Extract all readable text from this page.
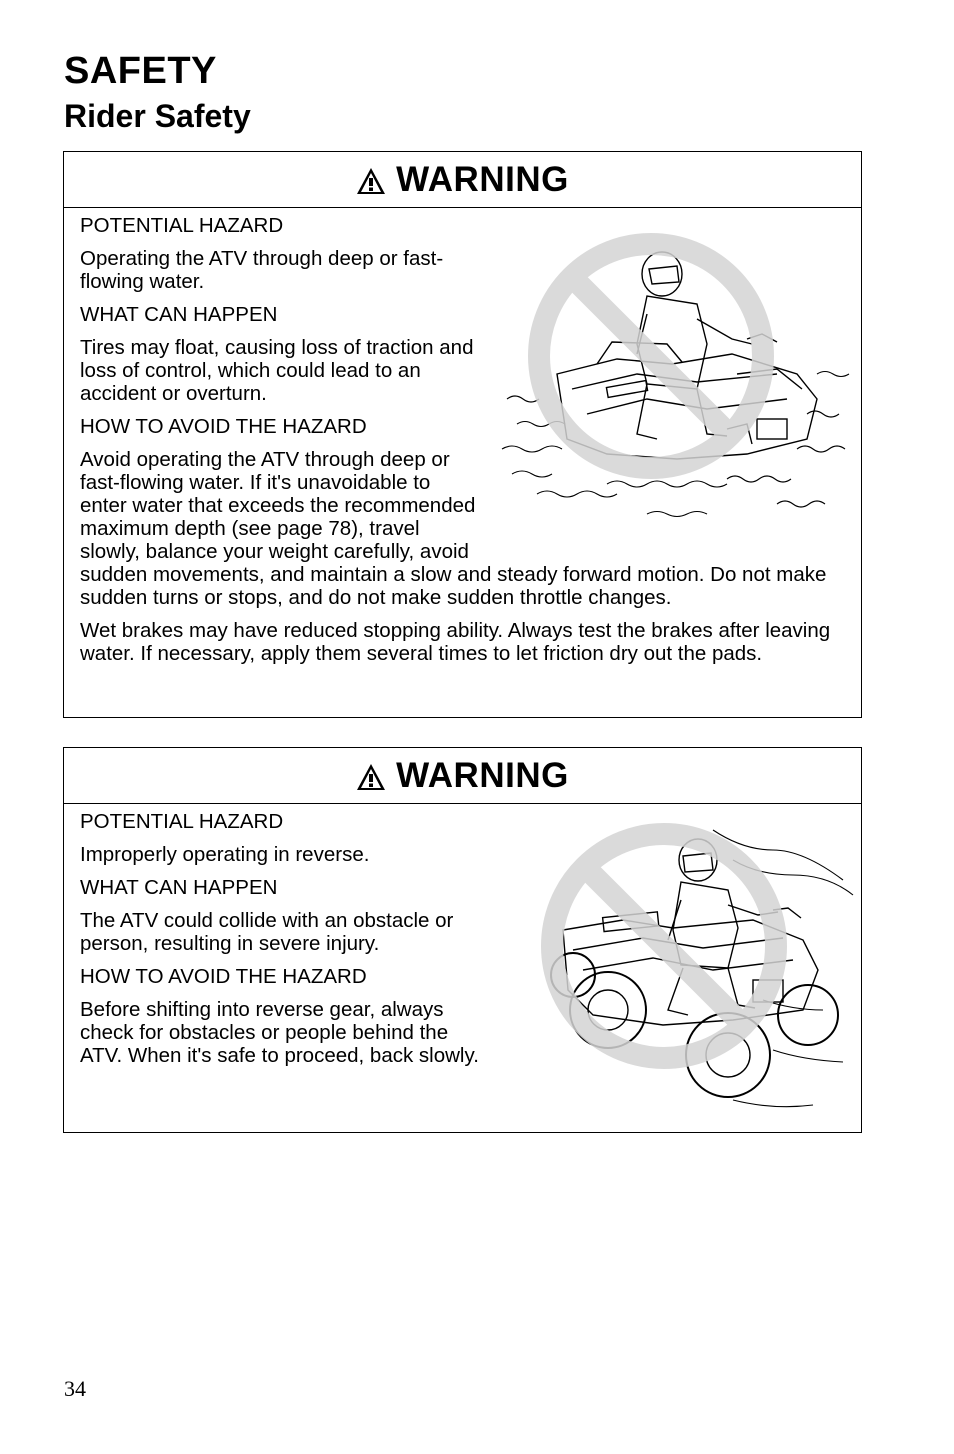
SAFETY
Rider Safety
WARNING

POTENTIAL HAZARD

Operating the ATV through deep or fast-flowing water.

WHAT CAN HAPPEN

Tires may float, causing loss of traction and loss of control, which could lead to an accident or overturn.

HOW TO AVOID THE HAZARD

Avoid operating the ATV through deep or fast-flowing water. If it's unavoidable to enter water that exceeds the recommended maximum depth (see page 78), travel slowly, balance your weight carefully, avoid sudden movements, and maintain a slow and steady forward motion. Do not make sudden turns or stops, and do not make sudden throttle changes.

Wet brakes may have reduced stopping ability. Always test the brakes after leaving water. If necessary, apply them several times to let friction dry out the pads.

WARNING

POTENTIAL HAZARD

Improperly operating in reverse.

WHAT CAN HAPPEN

The ATV could collide with an obstacle or person, resulting in severe injury.

HOW TO AVOID THE HAZARD

Before shifting into reverse gear, always check for obstacles or people behind the ATV. When it's safe to proceed, back slowly.

34
